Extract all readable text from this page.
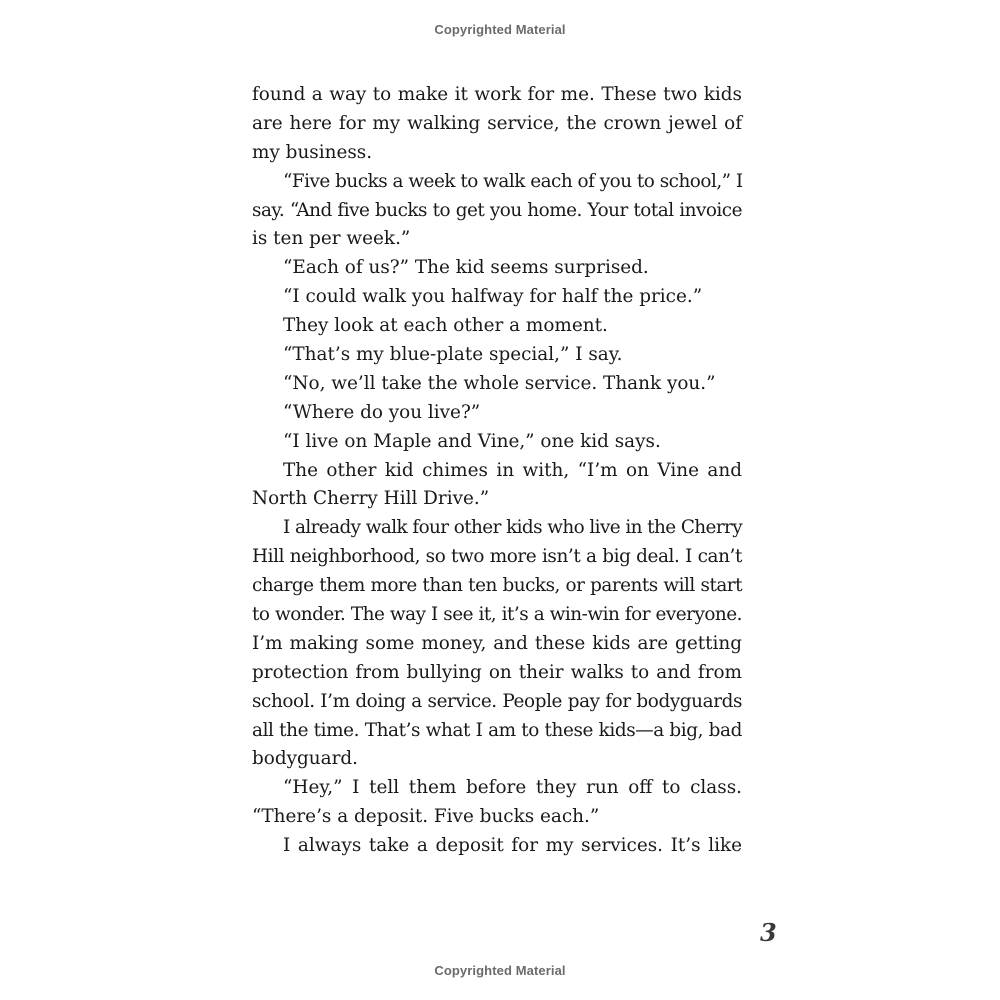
Copyrighted Material
found a way to make it work for me. These two kids
are here for my walking service, the crown jewel of
my business.
“Five bucks a week to walk each of you to school,” I
say. “And five bucks to get you home. Your total invoice
is ten per week.”
“Each of us?” The kid seems surprised.
“I could walk you halfway for half the price.”
They look at each other a moment.
“That’s my blue-plate special,” I say.
“No, we’ll take the whole service. Thank you.”
“Where do you live?”
“I live on Maple and Vine,” one kid says.
The other kid chimes in with, “I’m on Vine and
North Cherry Hill Drive.”
I already walk four other kids who live in the Cherry
Hill neighborhood, so two more isn’t a big deal. I can’t
charge them more than ten bucks, or parents will start
to wonder. The way I see it, it’s a win-win for everyone.
I’m making some money, and these kids are getting
protection from bullying on their walks to and from
school. I’m doing a service. People pay for bodyguards
all the time. That’s what I am to these kids—a big, bad
bodyguard.
“Hey,” I tell them before they run off to class.
“There’s a deposit. Five bucks each.”
I always take a deposit for my services. It’s like
3
Copyrighted Material
